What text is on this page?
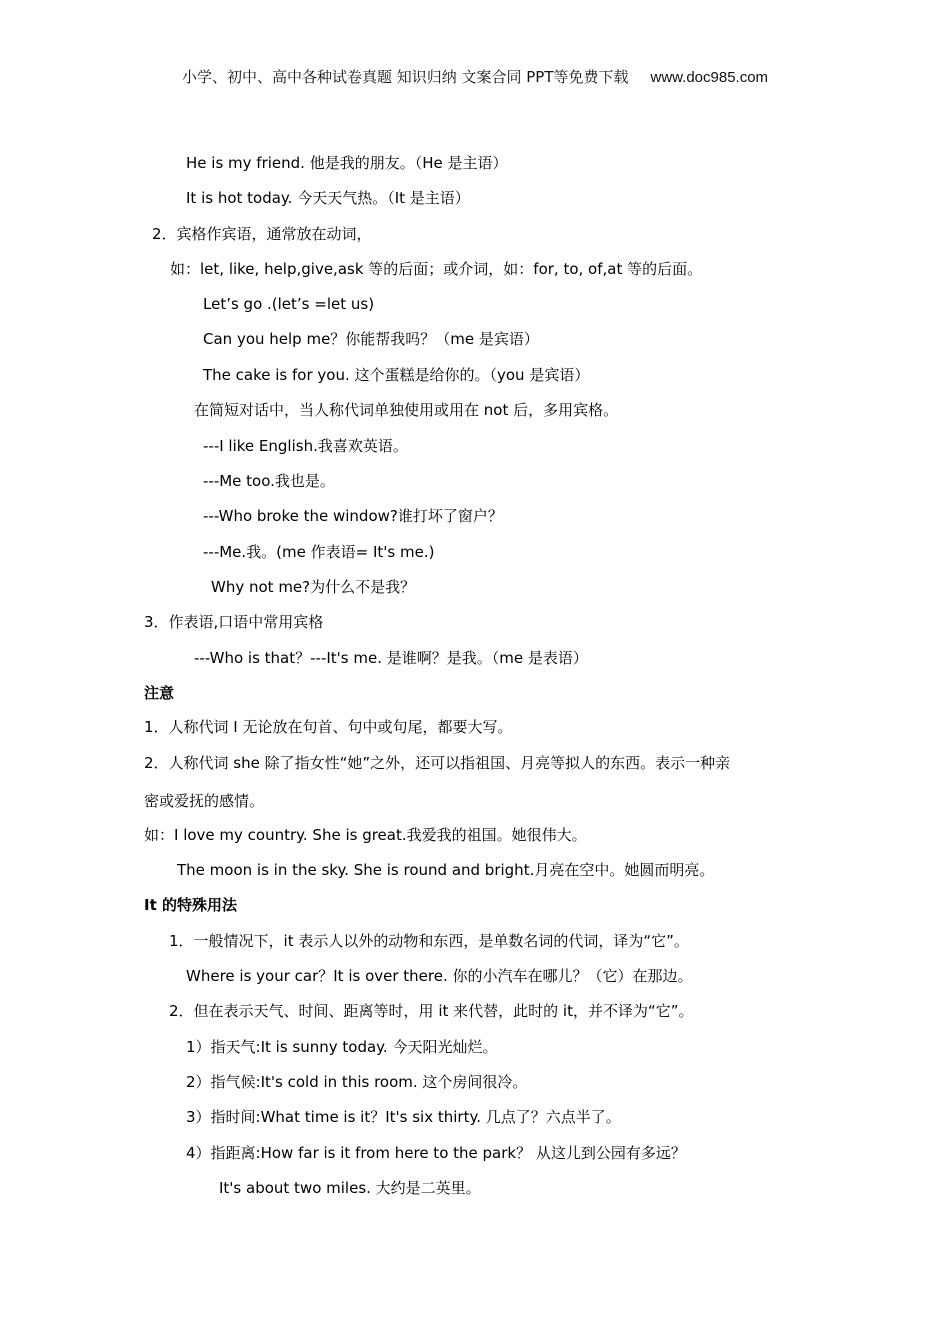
小学、初中、高中各种试卷真题 知识归纳 文案合同 PPT等免费下载 www.doc985.com
He is my friend. 他是我的朋友。（He 是主语）
It is hot today. 今天天气热。（It 是主语）
2．宾格作宾语，通常放在动词，
如：let, like, help,give,ask 等的后面；或介词，如：for, to, of,at 等的后面。
Let’s go .(let’s =let us)
Can you help me？你能帮我吗？（me 是宾语）
The cake is for you. 这个蛋糕是给你的。（you 是宾语）
在简短对话中，当人称代词单独使用或用在 not 后，多用宾格。
---I like English.我喜欢英语。
---Me too.我也是。
---Who broke the window?谁打坏了窗户？
---Me.我。(me 作表语= It's me.)
Why not me?为什么不是我？
3．作表语,口语中常用宾格
---Who is that？---It's me. 是谁啊？是我。（me 是表语）
注意
1．人称代词 I 无论放在句首、句中或句尾，都要大写。
2．人称代词 she 除了指女性“她”之外，还可以指祖国、月亮等拟人的东西。表示一种亲
密或爱抚的感情。
如：I love my country. She is great.我爱我的祖国。她很伟大。
The moon is in the sky. She is round and bright.月亮在空中。她圆而明亮。
It 的特殊用法
1．一般情况下，it 表示人以外的动物和东西，是单数名词的代词，译为“它”。
Where is your car？It is over there. 你的小汽车在哪儿？（它）在那边。
2．但在表示天气、时间、距离等时，用 it 来代替，此时的 it，并不译为“它”。
1）指天气:It is sunny today. 今天阳光灿烂。
2）指气候:It's cold in this room. 这个房间很冷。
3）指时间:What time is it？It's six thirty. 几点了？六点半了。
4）指距离:How far is it from here to the park？ 从这儿到公园有多远？
It's about two miles. 大约是二英里。
